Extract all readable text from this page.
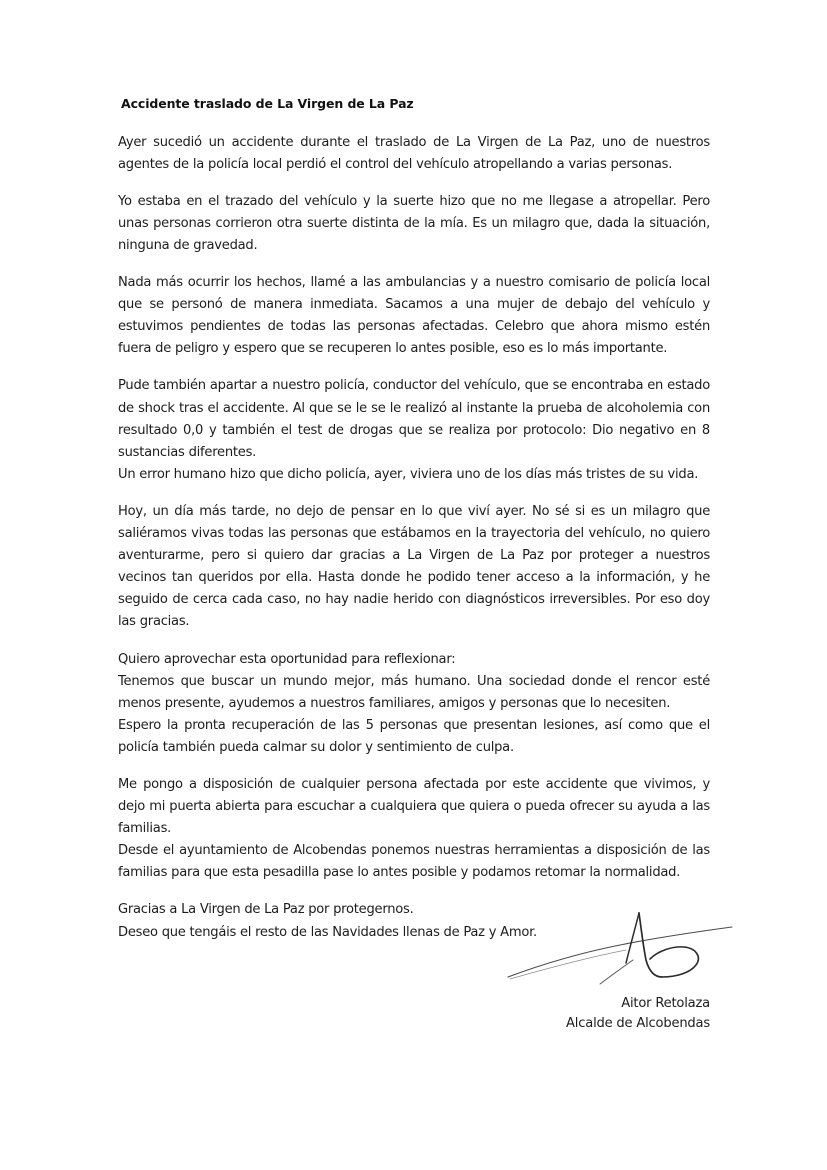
Accidente traslado de La Virgen de La Paz

Ayer sucedió un accidente durante el traslado de La Virgen de La Paz, uno de nuestros agentes de la policía local perdió el control del vehículo atropellando a varias personas.

Yo estaba en el trazado del vehículo y la suerte hizo que no me llegase a atropellar. Pero unas personas corrieron otra suerte distinta de la mía. Es un milagro que, dada la situación, ninguna de gravedad.

Nada más ocurrir los hechos, llamé a las ambulancias y a nuestro comisario de policía local que se personó de manera inmediata. Sacamos a una mujer de debajo del vehículo y estuvimos pendientes de todas las personas afectadas. Celebro que ahora mismo estén fuera de peligro y espero que se recuperen lo antes posible, eso es lo más importante.

Pude también apartar a nuestro policía, conductor del vehículo, que se encontraba en estado de shock tras el accidente. Al que se le se le realizó al instante la prueba de alcoholemia con resultado 0,0 y también el test de drogas que se realiza por protocolo: Dio negativo en 8 sustancias diferentes.

Un error humano hizo que dicho policía, ayer, viviera uno de los días más tristes de su vida.

Hoy, un día más tarde, no dejo de pensar en lo que viví ayer. No sé si es un milagro que saliéramos vivas todas las personas que estábamos en la trayectoria del vehículo, no quiero aventurarme, pero si quiero dar gracias a La Virgen de La Paz por proteger a nuestros vecinos tan queridos por ella. Hasta donde he podido tener acceso a la información, y he seguido de cerca cada caso, no hay nadie herido con diagnósticos irreversibles. Por eso doy las gracias.

Quiero aprovechar esta oportunidad para reflexionar:

Tenemos que buscar un mundo mejor, más humano. Una sociedad donde el rencor esté menos presente, ayudemos a nuestros familiares, amigos y personas que lo necesiten.

Espero la pronta recuperación de las 5 personas que presentan lesiones, así como que el policía también pueda calmar su dolor y sentimiento de culpa.

Me pongo a disposición de cualquier persona afectada por este accidente que vivimos, y dejo mi puerta abierta para escuchar a cualquiera que quiera o pueda ofrecer su ayuda a las familias.

Desde el ayuntamiento de Alcobendas ponemos nuestras herramientas a disposición de las familias para que esta pesadilla pase lo antes posible y podamos retomar la normalidad.

Gracias a La Virgen de La Paz por protegernos.

Deseo que tengáis el resto de las Navidades llenas de Paz y Amor.

Aitor Retolaza
Alcalde de Alcobendas
